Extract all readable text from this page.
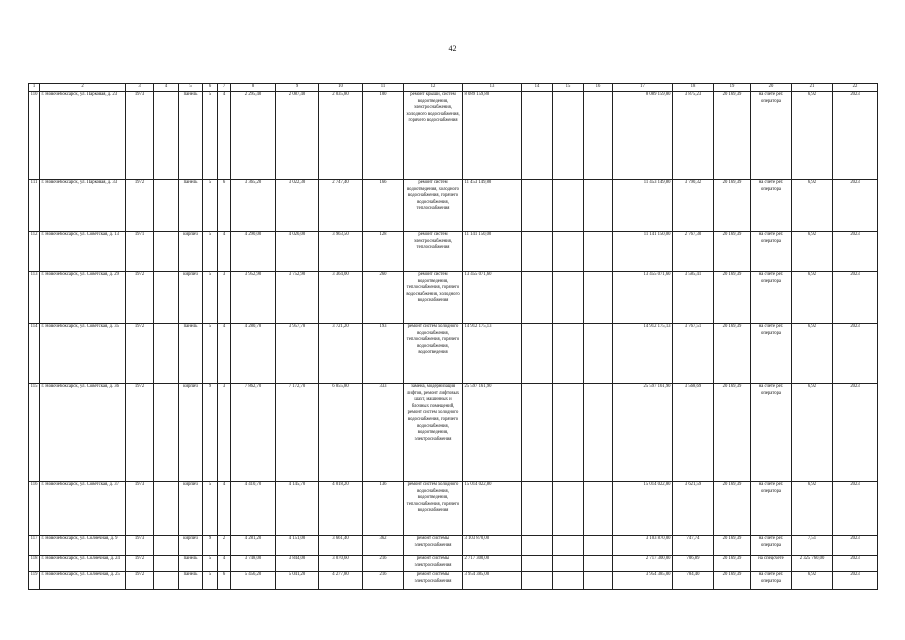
42
1	2	3	4	5	6	7	8	9	10	11	12	13	14	15	16	17	18	19	20	21	22
110	г. Новочебоксарск, ул. Парковая, д. 23	1973		панель	5	4	2 295,40	2 087,40	2 035,80	100	ремонт крыши, систем водоотведения, электроснабжения, холодного водоснабжения, горячего водоснабжения	8 089 159,80				8 089 159,80	3 875,23	20 169,39	на счете рег. оператора	6,92	2023
111	г. Новочебоксарск, ул. Парковая, д. 33	1972		панель	5	6	3 365,20	3 022,30	2 747,40	166	ремонт систем водоотведения, холодного водоснабжения, горячего водоснабжения, теплоснабжения	11 453 149,80				11 453 149,80	3 790,32	20 169,39	на счете рег. оператора	6,92	2023
112	г. Новочебоксарск, ул. Советская, д. 13	1971		кирпич	5	4	4 290,00	4 026,00	3 963,50	128	ремонт систем электроснабжения, теплоснабжения	11 141 150,00				11 141 150,00	2 767,30	20 169,39	на счете рег. оператора	6,92	2023
113	г. Новочебоксарск, ул. Советская, д. 29	1972		кирпич	5	3	3 952,90	3 752,90	3 364,00	260	ремонт систем водоотведения, теплоснабжения, горячего водоснабжения, холодного водоснабжения	13 455 071,60				13 455 071,60	3 585,41	20 169,39	на счете рег. оператора	6,92	2023
114	г. Новочебоксарск, ул. Советская, д. 35	1972		панель	5	4	4 280,78	3 957,78	3 721,20	193	ремонт систем холодного водоснабжения, теплоснабжения, горячего водоснабжения, водоотведения	14 912 175,13				14 912 175,13	3 767,51	20 169,39	на счете рег. оператора	6,92	2023
115	г. Новочебоксарск, ул. Советская, д. 36	1972		кирпич	9	3	7 862,70	7 172,70	6 855,80	333	замена, модернизация лифтов, ремонт лифтовых шахт, машинных и блочных помещений, ремонт систем холодного водоснабжения, горячего водоснабжения, водоотведения, электроснабжения	25 597 161,90				25 597 161,90	3 568,69	20 169,39	на счете рег. оператора	6,92	2023
116	г. Новочебоксарск, ул. Советская, д. 37	1973		кирпич	5	4	4 410,70	4 145,70	4 018,20	136	ремонт систем холодного водоснабжения, водоотведения, теплоснабжения, горячего водоснабжения	15 014 022,80				15 014 022,80	3 621,59	20 169,39	на счете рег. оператора	6,92	2023
117	г. Новочебоксарск, ул. Солнечная, д. 9	1973		кирпич	9	2	4 281,20	4 151,00	3 661,40	362	ремонт системы электроснабжения	3 103 870,00				3 103 870,00	747,74	20 169,39	на счете рег. оператора	7,51	2023
118	г. Новочебоксарск, ул. Солнечная, д. 24	1972		панель	5	4	3 748,00	3 844,00	3 070,60	216	ремонт системы электроснабжения	2 717 300,00				2 717 300,00	706,89	20 169,39	на спецсчете	2 325 760,00	2023
119	г. Новочебоксарск, ул. Солнечная, д. 25	1972		панель	5	6	5 456,20	5 041,20	4 277,80	216	ремонт системы электроснабжения	3 954 385,00				3 954 385,00	784,40	20 169,39	на счете рег. оператора	6,92	2023
